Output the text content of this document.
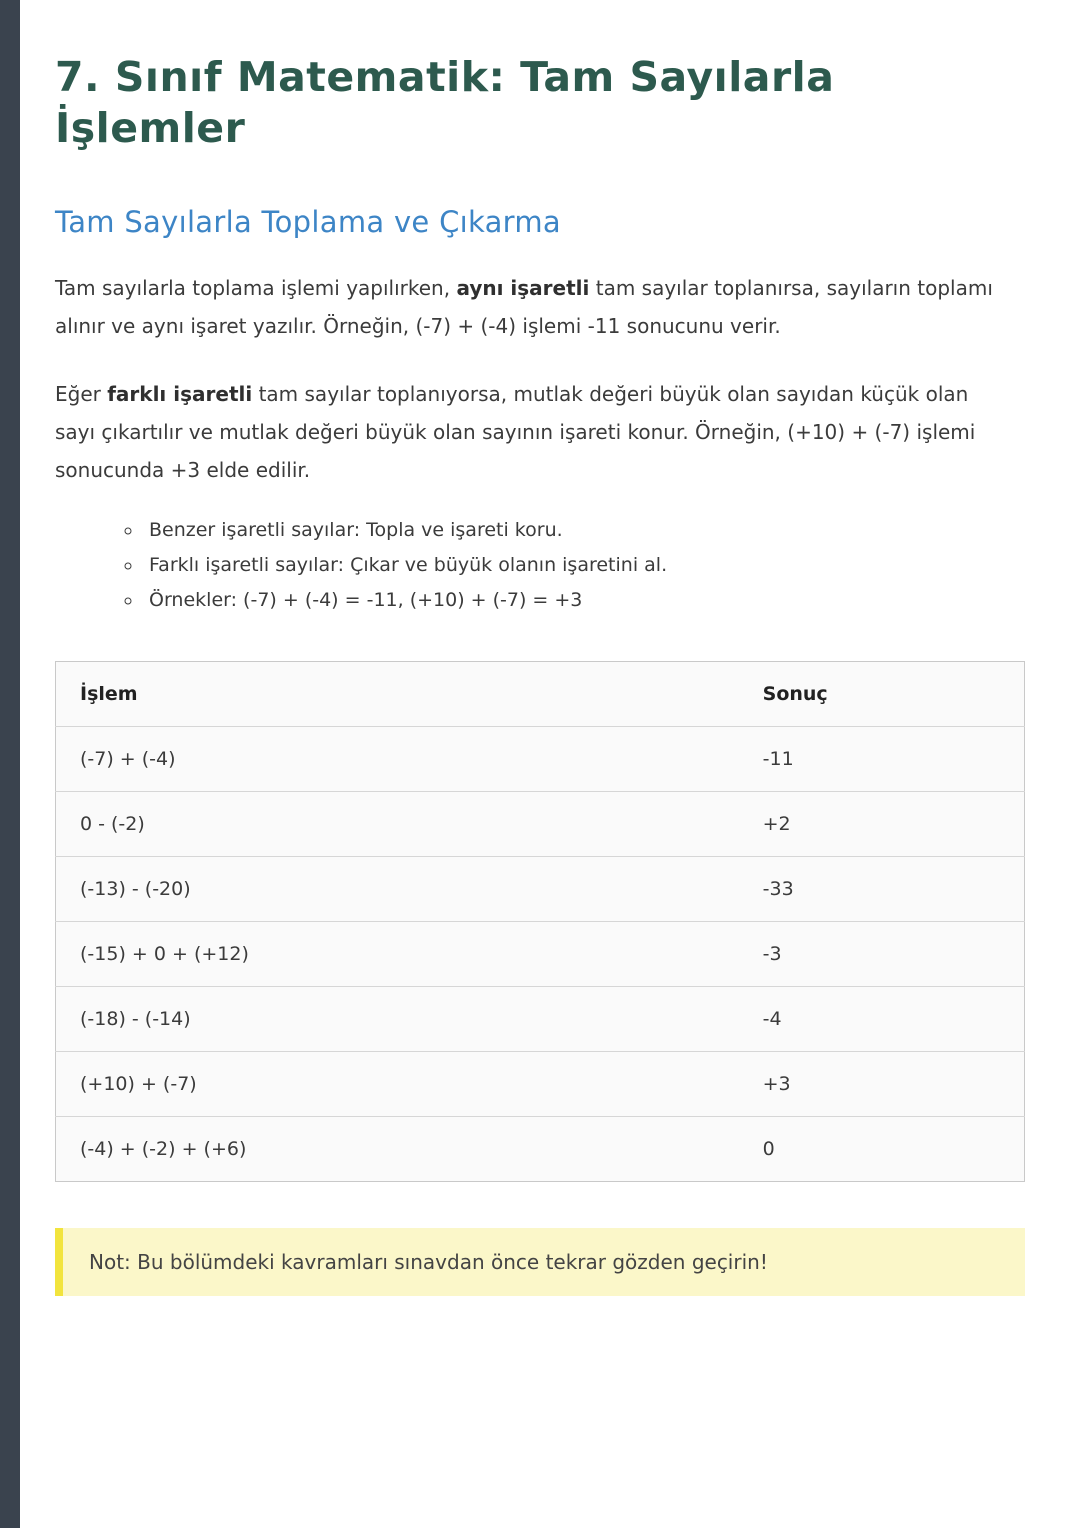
7. Sınıf Matematik: Tam Sayılarla İşlemler
Tam Sayılarla Toplama ve Çıkarma

Tam sayılarla toplama işlemi yapılırken, aynı işaretli tam sayılar toplanırsa, sayıların toplamı alınır ve aynı işaret yazılır. Örneğin, (-7) + (-4) işlemi -11 sonucunu verir.

Eğer farklı işaretli tam sayılar toplanıyorsa, mutlak değeri büyük olan sayıdan küçük olan sayı çıkartılır ve mutlak değeri büyük olan sayının işareti konur. Örneğin, (+10) + (-7) işlemi sonucunda +3 elde edilir.

◦ Benzer işaretli sayılar: Topla ve işareti koru.
◦ Farklı işaretli sayılar: Çıkar ve büyük olanın işaretini al.
◦ Örnekler: (-7) + (-4) = -11, (+10) + (-7) = +3
İşlem	Sonuç
(-7) + (-4)	-11
0 - (-2)	+2
(-13) - (-20)	-33
(-15) + 0 + (+12)	-3
(-18) - (-14)	-4
(+10) + (-7)	+3
(-4) + (-2) + (+6)	0
Not: Bu bölümdeki kavramları sınavdan önce tekrar gözden geçirin!
